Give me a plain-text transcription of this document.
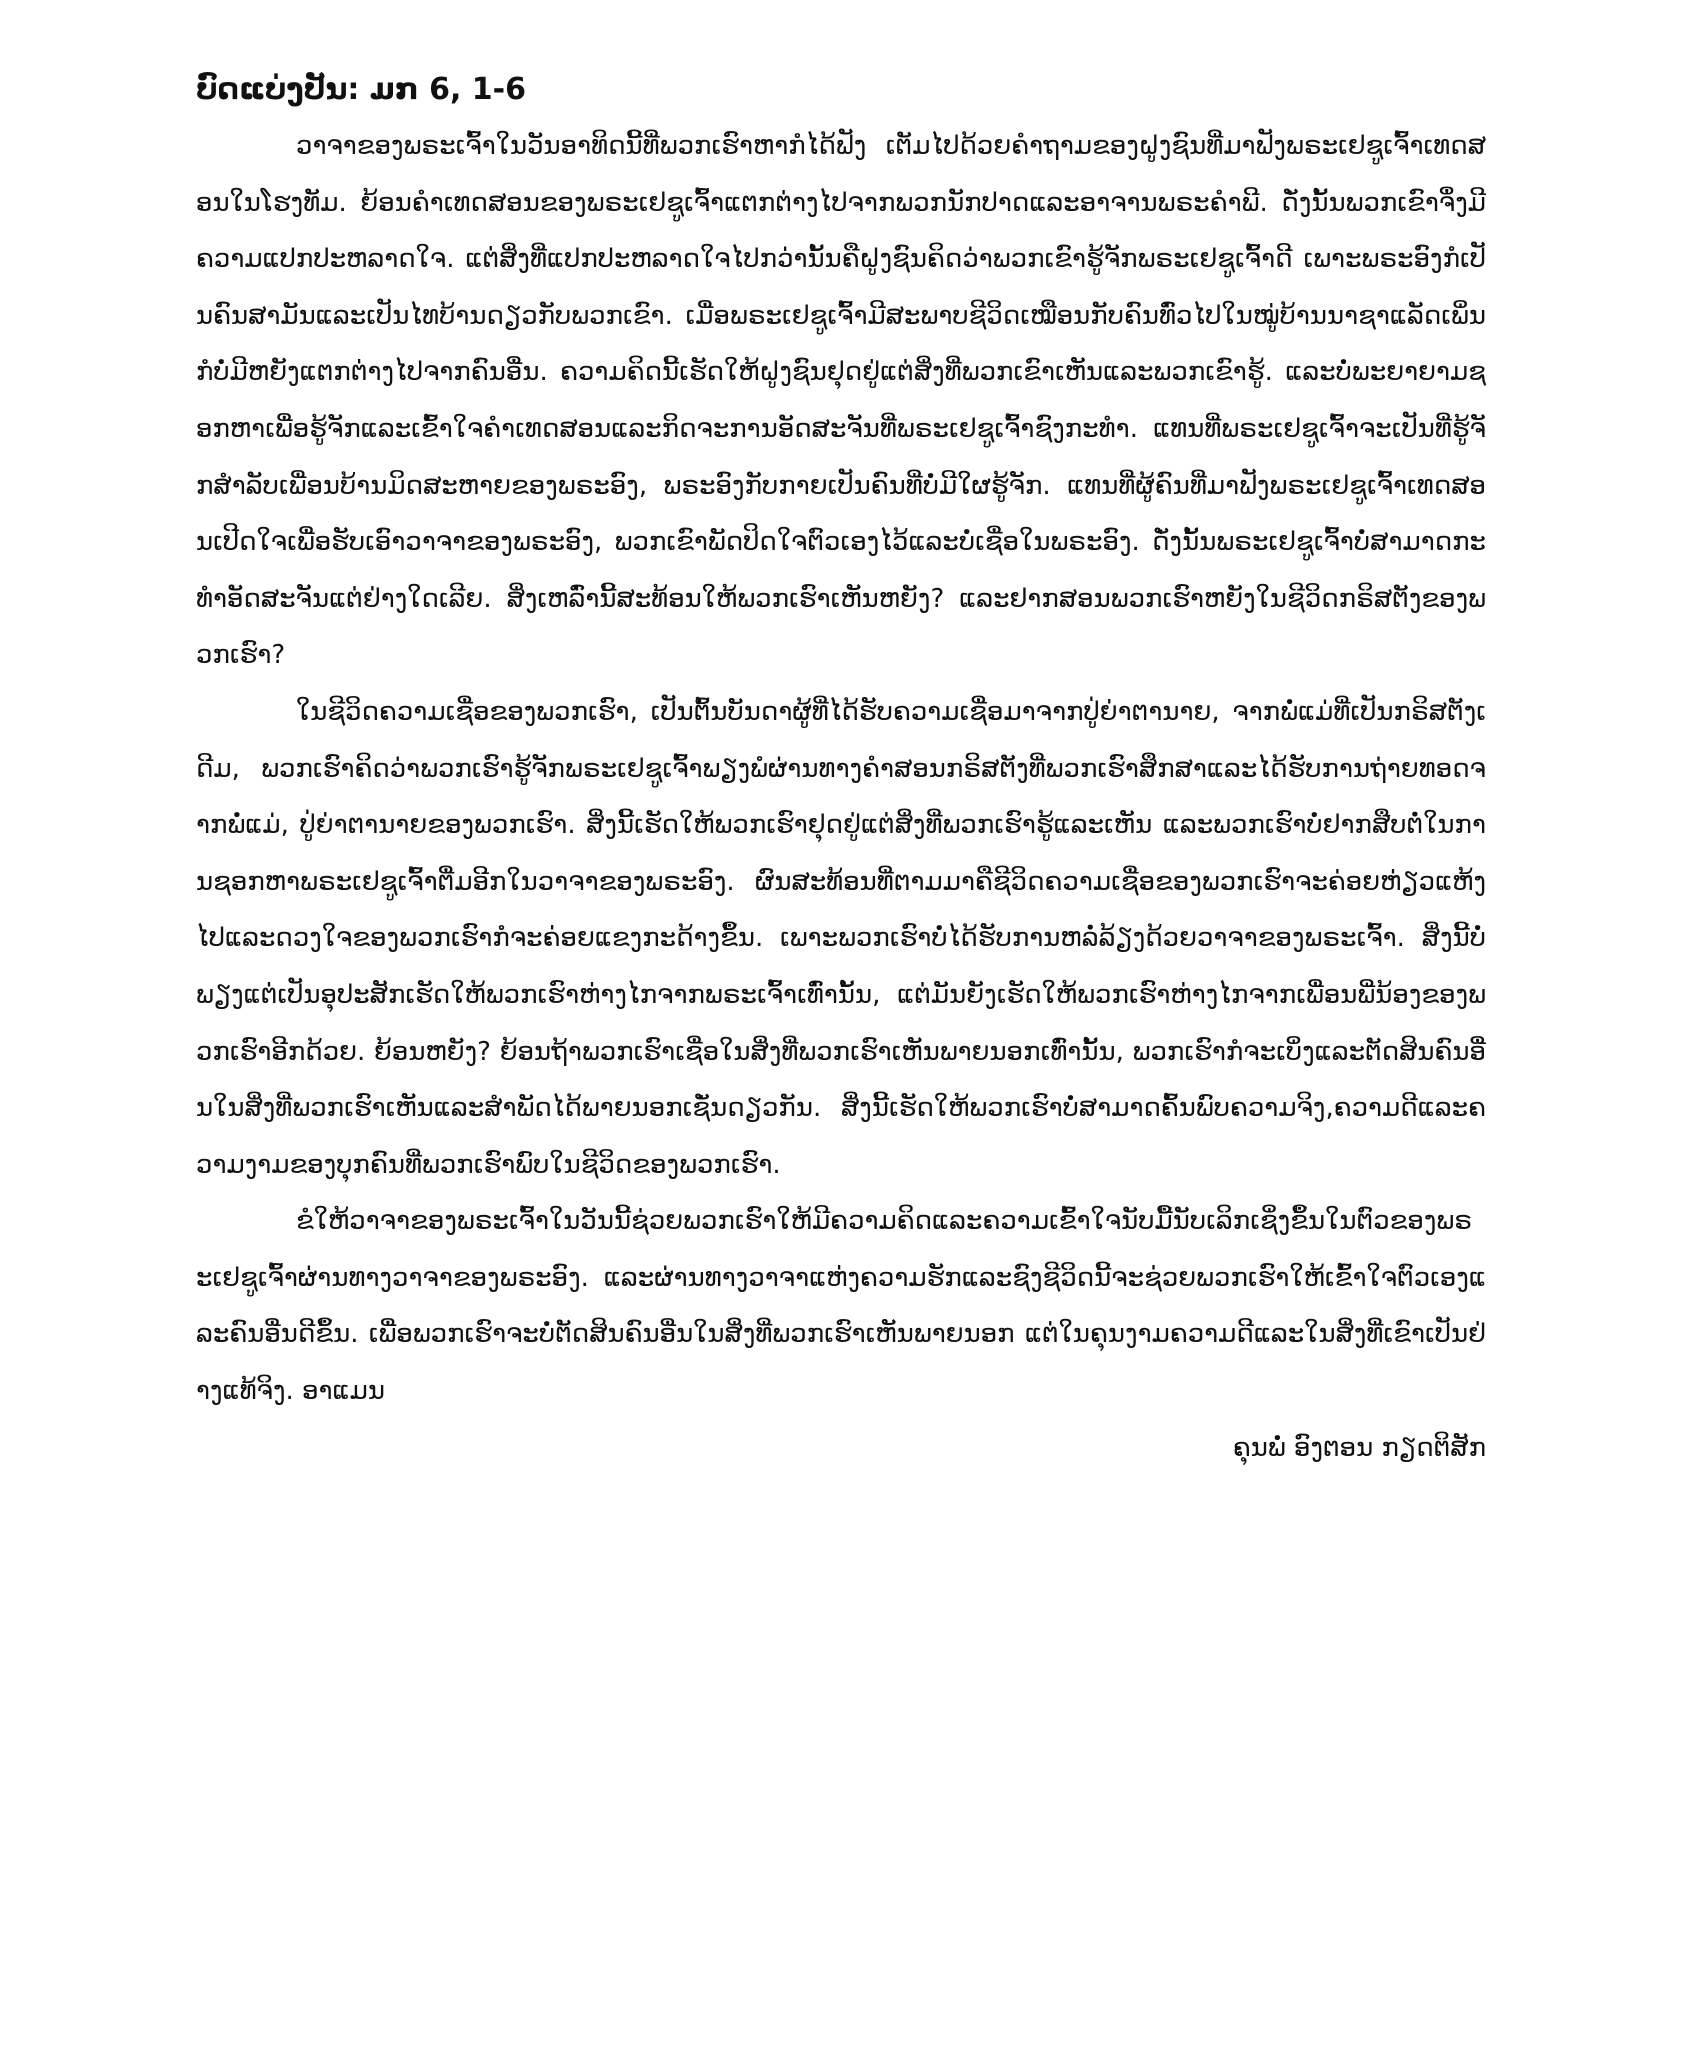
ບົດແບ່ງປັນ: ມກ 6, 1-6

ວາຈາຂອງພຣະເຈົ້າໃນວັນອາທິດນີ້ທີ່ພວກເຮົາຫາກໍໄດ້ຟັງ ເຕັມໄປດ້ວຍຄໍາຖາມຂອງຝູງຊົນທີ່ມາຟັງພຣະເຢຊູເຈົ້າເທດສອນໃນໂຮງທັມ. ຍ້ອນຄໍາເທດສອນຂອງພຣະເຢຊູເຈົ້າແຕກຕ່າງໄປຈາກພວກນັກປາດແລະອາຈານພຣະຄໍາພີ. ດັ່ງນັ້ນພວກເຂົາຈຶ່ງມີຄວາມແປກປະຫລາດໃຈ. ແຕ່ສິ່ງທີ່ແປກປະຫລາດໃຈໄປກວ່ານັ້ນຄືຝູງຊົນຄິດວ່າພວກເຂົາຮູ້ຈັກພຣະເຢຊູເຈົ້າດີ ເພາະພຣະອົງກໍເປັນຄົນສາມັນແລະເປັນໄທບ້ານດຽວກັບພວກເຂົາ. ເມື່ອພຣະເຢຊູເຈົ້າມີສະພາບຊີວິດເໝືອນກັບຄົນທົ່ວໄປໃນໝູ່ບ້ານນາຊາແລັດເພິ່ນກໍບໍ່ມີຫຍັງແຕກຕ່າງໄປຈາກຄົນອື່ນ. ຄວາມຄິດນີ້ເຮັດໃຫ້ຝູງຊົນຢຸດຢູ່ແຕ່ສິ່ງທີ່ພວກເຂົາເຫັນແລະພວກເຂົາຮູ້. ແລະບໍ່ພະຍາຍາມຊອກຫາເພື່ອຮູ້ຈັກແລະເຂົ້າໃຈຄໍາເທດສອນແລະກິດຈະການອັດສະຈັນທີ່ພຣະເຢຊູເຈົ້າຊົງກະທໍາ. ແທນທີ່ພຣະເຢຊູເຈົ້າຈະເປັນທີ່ຮູ້ຈັກສໍາລັບເພື່ອນບ້ານມິດສະຫາຍຂອງພຣະອົງ, ພຣະອົງກັບກາຍເປັນຄົນທີ່ບໍ່ມີໃຜຮູ້ຈັກ. ແທນທີ່ຜູ້ຄົນທີ່ມາຟັງພຣະເຢຊູເຈົ້າເທດສອນເປີດໃຈເພື່ອຮັບເອົາວາຈາຂອງພຣະອົງ, ພວກເຂົາພັດປິດໃຈຕົວເອງໄວ້ແລະບໍ່ເຊື່ອໃນພຣະອົງ. ດັ່ງນັ້ນພຣະເຢຊູເຈົ້າບໍ່ສາມາດກະທໍາອັດສະຈັນແຕ່ຢ່າງໃດເລີຍ. ສິ່ງເຫລົ່ານີ້ສະທ້ອນໃຫ້ພວກເຮົາເຫັນຫຍັງ? ແລະຢາກສອນພວກເຮົາຫຍັງໃນຊີວິດກຣິສຕັງຂອງພວກເຮົາ?

ໃນຊີວິດຄວາມເຊື່ອຂອງພວກເຮົາ, ເປັນຕົ້ນບັນດາຜູ້ທີ່ໄດ້ຮັບຄວາມເຊື່ອມາຈາກປູ່ຍ່າຕານາຍ, ຈາກພໍ່ແມ່ທີ່ເປັນກຣິສຕັງເດີມ, ພວກເຮົາຄິດວ່າພວກເຮົາຮູ້ຈັກພຣະເຢຊູເຈົ້າພຽງພໍຜ່ານທາງຄໍາສອນກຣິສຕັງທີ່ພວກເຮົາສຶກສາແລະໄດ້ຮັບການຖ່າຍທອດຈາກພໍ່ແມ່, ປູ່ຍ່າຕານາຍຂອງພວກເຮົາ. ສິ່ງນີ້ເຮັດໃຫ້ພວກເຮົາຢຸດຢູ່ແຕ່ສິ່ງທີ່ພວກເຮົາຮູ້ແລະເຫັນ ແລະພວກເຮົາບໍ່ຢາກສືບຕໍ່ໃນການຊອກຫາພຣະເຢຊູເຈົ້າຕື່ມອີກໃນວາຈາຂອງພຣະອົງ. ຜົນສະທ້ອນທີ່ຕາມມາຄືຊີວິດຄວາມເຊື່ອຂອງພວກເຮົາຈະຄ່ອຍຫ່ຽວແຫ້ງໄປແລະດວງໃຈຂອງພວກເຮົາກໍຈະຄ່ອຍແຂງກະດ້າງຂຶ້ນ. ເພາະພວກເຮົາບໍ່ໄດ້ຮັບການຫລໍ່ລ້ຽງດ້ວຍວາຈາຂອງພຣະເຈົ້າ. ສິ່ງນີ້ບໍ່ພຽງແຕ່ເປັນອຸປະສັກເຮັດໃຫ້ພວກເຮົາຫ່າງໄກຈາກພຣະເຈົ້າເທົ່ານັ້ນ, ແຕ່ມັນຍັງເຮັດໃຫ້ພວກເຮົາຫ່າງໄກຈາກເພື່ອນພີ່ນ້ອງຂອງພວກເຮົາອີກດ້ວຍ. ຍ້ອນຫຍັງ? ຍ້ອນຖ້າພວກເຮົາເຊື່ອໃນສິ່ງທີ່ພວກເຮົາເຫັນພາຍນອກເທົ່ານັ້ນ, ພວກເຮົາກໍຈະເບິ່ງແລະຕັດສິນຄົນອື່ນໃນສິ່ງທີ່ພວກເຮົາເຫັນແລະສໍາພັດໄດ້ພາຍນອກເຊັ່ນດຽວກັນ. ສິ່ງນີ້ເຮັດໃຫ້ພວກເຮົາບໍ່ສາມາດຄົ້ນພົບຄວາມຈິງ,ຄວາມດີແລະຄວາມງາມຂອງບຸກຄົນທີ່ພວກເຮົາພົບໃນຊີວິດຂອງພວກເຮົາ.

ຂໍໃຫ້ວາຈາຂອງພຣະເຈົ້າໃນວັນນີ້ຊ່ວຍພວກເຮົາໃຫ້ມີຄວາມຄິດແລະຄວາມເຂົ້າໃຈນັບມື້ນັບເລິກເຊິ່ງຂຶ້ນໃນຕົວຂອງພຣະເຢຊູເຈົ້າຜ່ານທາງວາຈາຂອງພຣະອົງ. ແລະຜ່ານທາງວາຈາແຫ່ງຄວາມຮັກແລະຊົງຊີວິດນີ້ຈະຊ່ວຍພວກເຮົາໃຫ້ເຂົ້າໃຈຕົວເອງແລະຄົນອື່ນດີຂຶ້ນ. ເພື່ອພວກເຮົາຈະບໍ່ຕັດສິນຄົນອື່ນໃນສິ່ງທີ່ພວກເຮົາເຫັນພາຍນອກ ແຕ່ໃນຄຸນງາມຄວາມດີແລະໃນສິ່ງທີ່ເຂົາເປັນຢ່າງແທ້ຈິງ. ອາແມນ

ຄຸນພໍ່ ອົງຕອນ ກຽດຕິສັກ
